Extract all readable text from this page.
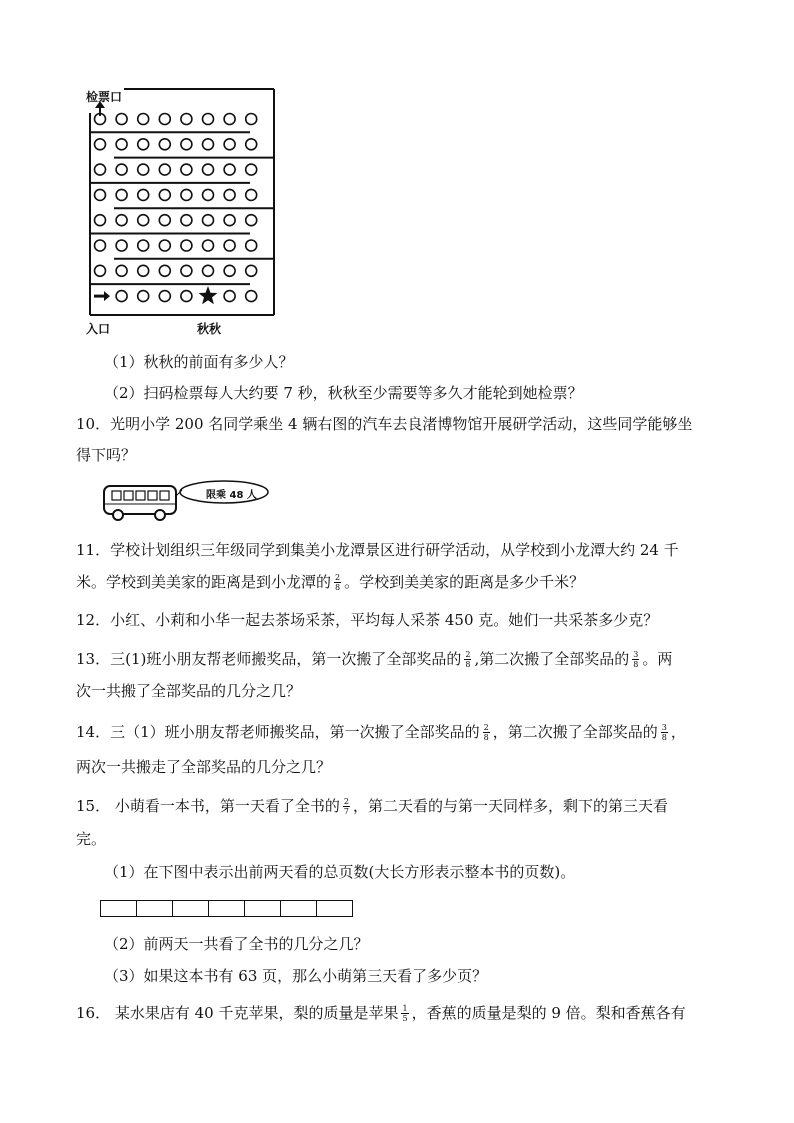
检票口
入口	秋秋
（1）秋秋的前面有多少人？
（2）扫码检票每人大约要 7 秒，秋秋至少需要等多久才能轮到她检票？
10．光明小学 200 名同学乘坐 4 辆右图的汽车去良渚博物馆开展研学活动，这些同学能够坐
得下吗？
限乘 48 人
11．学校计划组织三年级同学到集美小龙潭景区进行研学活动，从学校到小龙潭大约 24 千
米。学校到美美家的距离是到小龙潭的 $\frac{2}{8}$ 。学校到美美家的距离是多少千米？
12．小红、小莉和小华一起去茶场采茶，平均每人采茶 450 克。她们一共采茶多少克？
13．三(1)班小朋友帮老师搬奖品，第一次搬了全部奖品的 $\frac{2}{8}$ ,第二次搬了全部奖品的 $\frac{3}{8}$ 。两
次一共搬了全部奖品的几分之几？
14．三（1）班小朋友帮老师搬奖品，第一次搬了全部奖品的 $\frac{2}{8}$ ，第二次搬了全部奖品的 $\frac{3}{8}$ ，
两次一共搬走了全部奖品的几分之几？
15． 小萌看一本书，第一天看了全书的 $\frac{2}{7}$ ，第二天看的与第一天同样多，剩下的第三天看
完。
（1）在下图中表示出前两天看的总页数(大长方形表示整本书的页数)。
（2）前两天一共看了全书的几分之几？
（3）如果这本书有 63 页，那么小萌第三天看了多少页？
16． 某水果店有 40 千克苹果，梨的质量是苹果 $\frac{1}{5}$ ，香蕉的质量是梨的 9 倍。梨和香蕉各有
